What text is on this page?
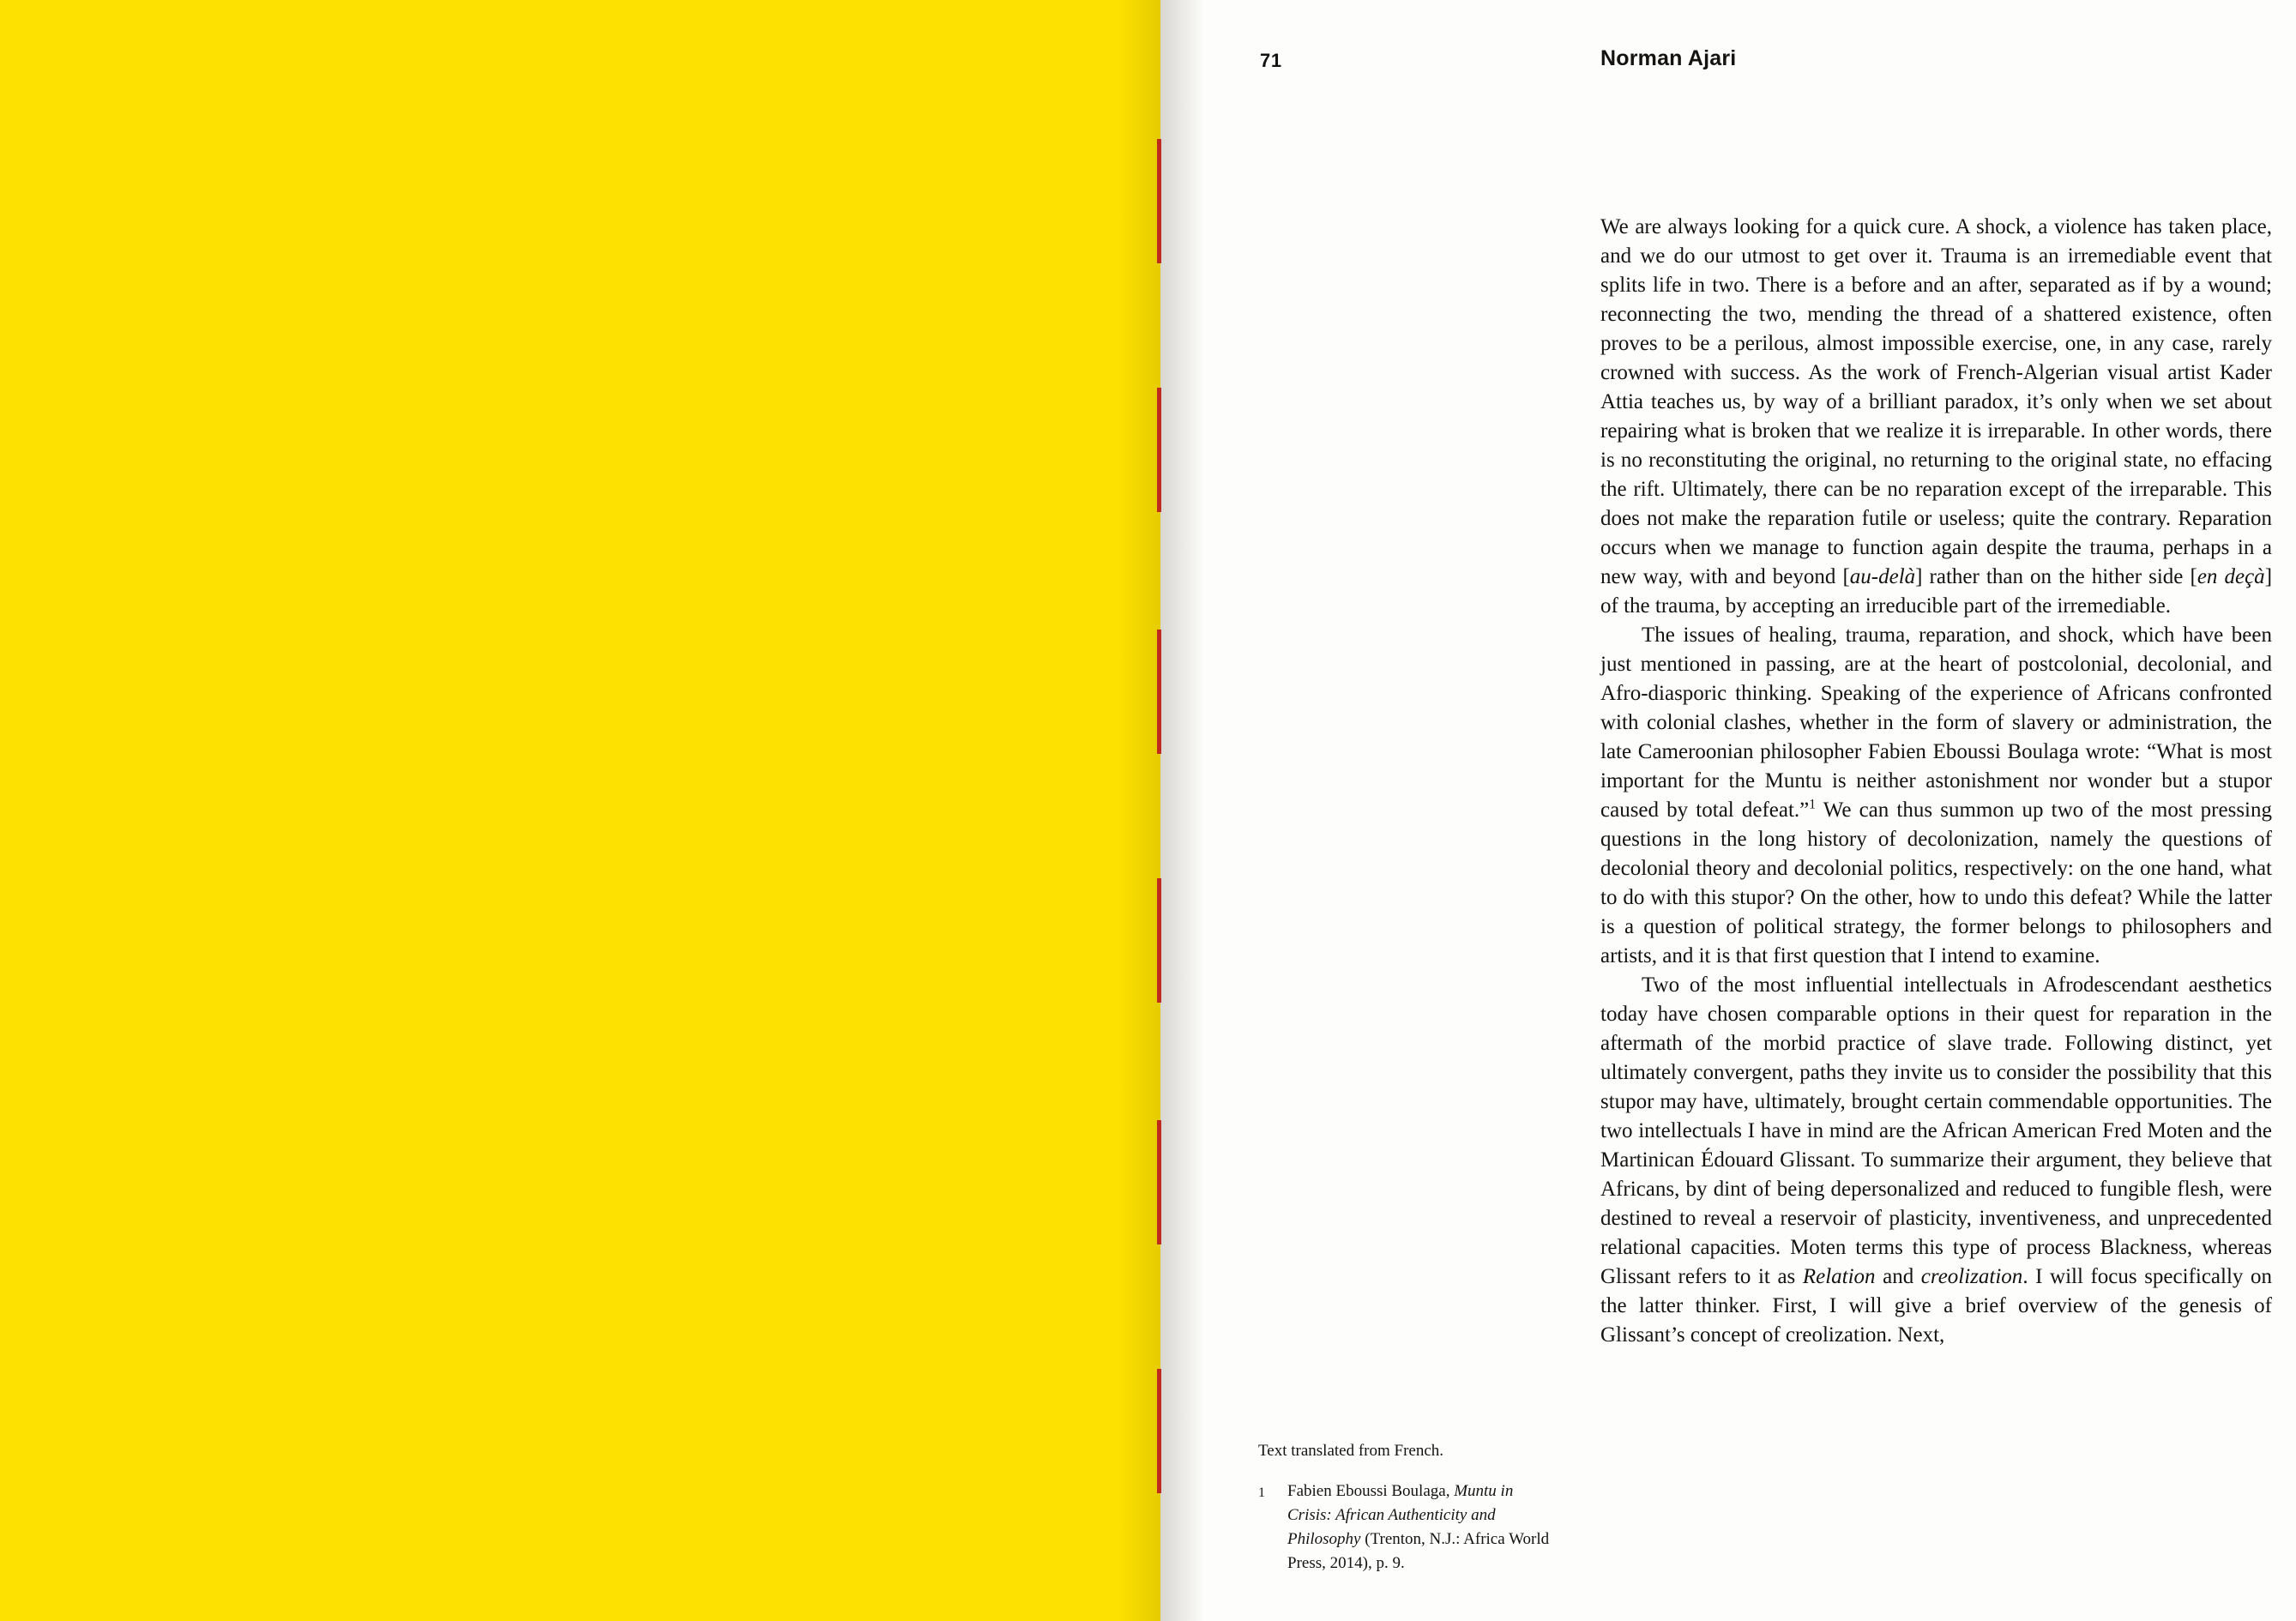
71	Norman Ajari

We are always looking for a quick cure. A shock, a violence has taken place, and we do our utmost to get over it. Trauma is an irremediable event that splits life in two. There is a before and an after, separated as if by a wound; reconnecting the two, mending the thread of a shattered existence, often proves to be a perilous, almost impossible exercise, one, in any case, rarely crowned with success. As the work of French-Algerian visual artist Kader Attia teaches us, by way of a brilliant paradox, it’s only when we set about repairing what is broken that we realize it is irreparable. In other words, there is no reconstituting the original, no returning to the original state, no effacing the rift. Ultimately, there can be no reparation except of the irreparable. This does not make the reparation futile or useless; quite the contrary. Reparation occurs when we manage to function again despite the trauma, perhaps in a new way, with and beyond [au-delà] rather than on the hither side [en deçà] of the trauma, by accepting an irreducible part of the irremediable.

The issues of healing, trauma, reparation, and shock, which have been just mentioned in passing, are at the heart of postcolonial, decolonial, and Afro-diasporic thinking. Speaking of the experience of Africans confronted with colonial clashes, whether in the form of slavery or administration, the late Cameroonian philosopher Fabien Eboussi Boulaga wrote: “What is most important for the Muntu is neither astonishment nor wonder but a stupor caused by total defeat.”$^1$ We can thus summon up two of the most pressing questions in the long history of decolonization, namely the questions of decolonial theory and decolonial politics, respectively: on the one hand, what to do with this stupor? On the other, how to undo this defeat? While the latter is a question of political strategy, the former belongs to philosophers and artists, and it is that first question that I intend to examine.

Two of the most influential intellectuals in Afrodescendant aesthetics today have chosen comparable options in their quest for reparation in the aftermath of the morbid practice of slave trade. Following distinct, yet ultimately convergent, paths they invite us to consider the possibility that this stupor may have, ultimately, brought certain commendable opportunities. The two intellectuals I have in mind are the African American Fred Moten and the Martinican Édouard Glissant. To summarize their argument, they believe that Africans, by dint of being depersonalized and reduced to fungible flesh, were destined to reveal a reservoir of plasticity, inventiveness, and unprecedented relational capacities. Moten terms this type of process Blackness, whereas Glissant refers to it as Relation and creolization. I will focus specifically on the latter thinker. First, I will give a brief overview of the genesis of Glissant’s concept of creolization. Next,

Text translated from French.

1	Fabien Eboussi Boulaga, Muntu in Crisis: African Authenticity and Philosophy (Trenton, N.J.: Africa World Press, 2014), p. 9.
